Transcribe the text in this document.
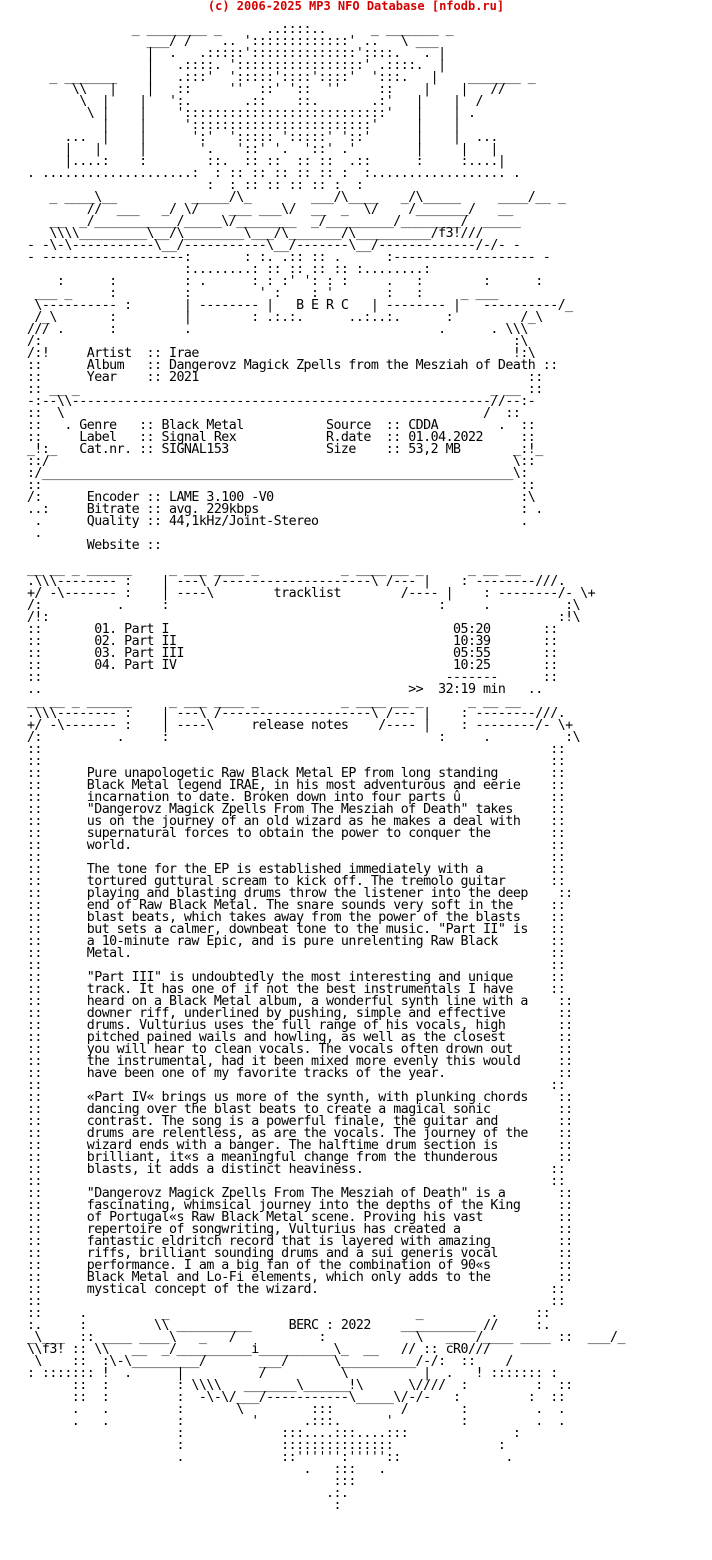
(c) 2006-2025 MP3 NFO Database [nfodb.ru]

_ ________ _      ..::::..      _ _______ _
___/ /    .. ':::::::::::::' ..   \ ___
|  .   .:::::'::::::::::::::'::::.   . |
|   .::::. ':::::::::::::::::' .::::.  |
_ _______    |   .:::'  ':::::'::::'::::'  ':::.   |    _______ _
\\   |    |   ::     ''  ::' '::  ''     ::    |    |   //
\  |    |   ':.       .::    ::.       .:'   |    |  /
\ |    |    ':::::::::::::::::::::::::::'   |    | .
|    |     '::::::::::::::::::::::::'     |    |
...  |    |      ':'  '::::: ':::::' '::'      |    |  ...
|   |     |       '.   '::' '.  '::' .'        |     |   |
|....:    :        ::.  :: ::  :: ::  .::      :     :....|
. ....................:  : :: :: :: :: :: :  :.................. .
:  : :: :: :: :: :  :
_ ____\__          _____/\_        ___/\____   _/\_____     ____/__ _
//  ___   _/ \/    ___ ___\/  __  _  \/    /_______/   __
__  _/___________/_____\/________  _/_________/________/  _____
\\\\_________\__/\________\___/\_______/\__________/f3!///
- -\-\-----------\__/-----------\__/-------\__/-------------/-/- -
- -------------------:       : :. .:: :: .      :------------------- -
:........: :: :: :: :: :........:
:      :         : .      : : :' ': : :     .   :        :      :
___ _     :         :         ' :    : '       :   :     _ ___
\---------- :       | -------- |   B E R C   | -------- |   ----------/_
/_\       :         |        : .:.:.      ..:..:.      :         /_\
/// .      :         .                                 .      . \\\
/:                                                               :\
/:!     Artist  :: Irae                                          !:\
::      Album   :: Dangerovz Magick Zpells from the Mesziah of Death ::
::      Year    :: 2021                                            ::
:: __ _                                                       _ __ ::
-:--\\--------------------------------------------------------//--:-
::  \                                                        /  ::
::   . Genre   :: Black Metal           Source  :: CDDA        .  ::
::     Label   :: Signal Rex            R.date  :: 01.04.2022     ::
_!:_   Cat.nr. :: SIGNAL153             Size    :: 53,2 MB       _:!_
::/                                                              \::
:/_______________________________________________________________\:
::                                                                ::
/:      Encoder :: LAME 3.100 -V0                                 :\
..:     Bitrate :: avg. 229kbps                                   : .
.      Quality :: 44,1kHz/Joint-Stereo                           .
.
Website ::

__ __ _ ______     _ ___ ____ _           _ ____ __ _      _ __ __
.\\\-------- :    | ---\ /--------------------\ /--- |    : --------///.
+/ -\------- :    | ----\        tracklist        /---- |    : --------/- \+
/:          .     :                                    :     .          :\
/!:                                                                    :!\
::       01. Part I                                      05:20       ::
::       02. Part II                                     10:39       ::
::       03. Part III                                    05:55       ::
::       04. Part IV                                     10:25       ::
::                                                      -------      ::
..                                                 >>  32:19 min   ..
__ __ _ ______     _ ___ ____ _           _ ____ __ _      _ __ __
.\\\-------- :    | ---\ /--------------------\ /--- |    : --------///.
+/ -\------- :    | ----\     release notes    /---- |    : --------/- \+
/:          .     :                                    :     .          :\
::                                                                    ::
::                                                                    ::
::      Pure unapologetic Raw Black Metal EP from long standing       ::
::      Black Metal legend IRAE, in his most adventurous and eerie    ::
::      incarnation to date. Broken down into four parts û            ::
::      "Dangerovz Magick Zpells From The Mesziah of Death" takes     ::
::      us on the journey of an old wizard as he makes a deal with    ::
::      supernatural forces to obtain the power to conquer the        ::
::      world.                                                        ::
::                                                                    ::
::      The tone for the EP is established immediately with a         ::
::      tortured guttural scream to kick off. The tremolo guitar      ::
::      playing and blasting drums throw the listener into the deep    ::
::      end of Raw Black Metal. The snare sounds very soft in the     ::
::      blast beats, which takes away from the power of the blasts    ::
::      but sets a calmer, downbeat tone to the music. "Part II" is   ::
::      a 10-minute raw Epic, and is pure unrelenting Raw Black       ::
::      Metal.                                                        ::
::                                                                    ::
::      "Part III" is undoubtedly the most interesting and unique     ::
::      track. It has one of if not the best instrumentals I have     ::
::      heard on a Black Metal album, a wonderful synth line with a    ::
::      downer riff, underlined by pushing, simple and effective       ::
::      drums. Vulturius uses the full range of his vocals, high       ::
::      pitched pained wails and howling, as well as the closest       ::
::      you will hear to clean vocals. The vocals often drown out      ::
::      the instrumental, had it been mixed more evenly this would     ::
::      have been one of my favorite tracks of the year.               ::
::                                                                    ::
::      «Part IV« brings us more of the synth, with plunking chords    ::
::      dancing over the blast beats to create a magical sonic         ::
::      contrast. The song is a powerful finale, the guitar and        ::
::      drums are relentless, as are the vocals. The journey of the    ::
::      wizard ends with a banger. The halftime drum section is        ::
::      brilliant, it«s a meaningful change from the thunderous        ::
::      blasts, it adds a distinct heaviness.                         ::
::                                                                    ::
::      "Dangerovz Magick Zpells From The Mesziah of Death" is a       ::
::      fascinating, whimsical journey into the depths of the King     ::
::      of Portugal«s Raw Black Metal scene. Proving his vast          ::
::      repertoire of songwriting, Vulturius has created a             ::
::      fantastic eldritch record that is layered with amazing         ::
::      riffs, brilliant sounding drums and a sui generis vocal        ::
::      performance. I am a big fan of the combination of 90«s         ::
::      Black Metal and Lo-Fi elements, which only adds to the         ::
::      mystical concept of the wizard.                               ::
::                                                                    ::
::     .          _                                 _         .     ::
:.     :         \\ __________     BERC : 2022    __________ //     :.
_\___  :: ____ ____\   _   /           :            \   _   /____ ____ ::  ___/_
\\f3! :: \\   __  _/__________i__________\_  __   // :: cR0///
\    ::  :\-\_________/       ___/      \__________/-/:  ::    /
: ::::::: !  .      |          /          \          |  .   ! ::::::: :
::  :         : \\\\   _______\______!\      \////  :         :  ::
::  :         :  -\-\/___/-----------\_____\/-/-   :         :  ::
.   .         :       \         :::         /       :         .  .
.   .         :         '      .:::.      '         :         .  .
:             :::....:::....:::              :
:             :::::::::::::::              :
.             ::'''''':'''''::              .
.   :::   .
:::
.:.
:
